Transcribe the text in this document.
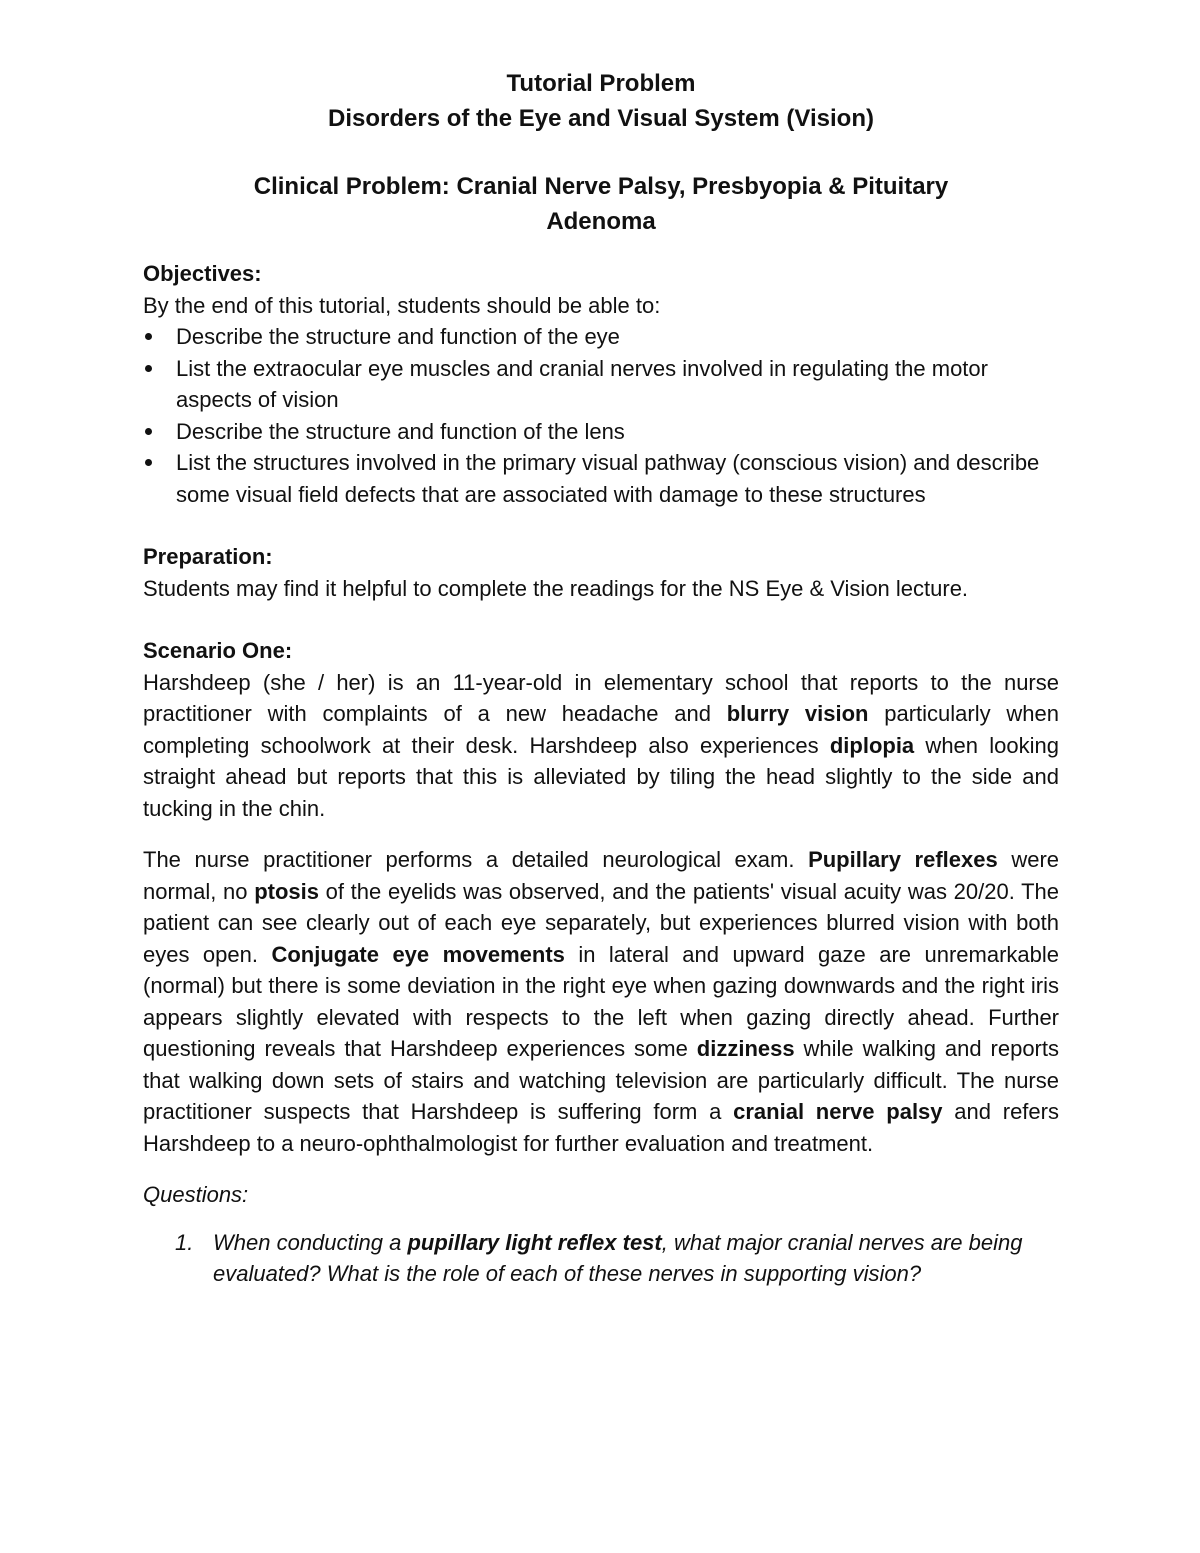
Tutorial Problem
Disorders of the Eye and Visual System (Vision)
Clinical Problem: Cranial Nerve Palsy, Presbyopia & Pituitary
Adenoma

Objectives:

By the end of this tutorial, students should be able to:

Describe the structure and function of the eye
List the extraocular eye muscles and cranial nerves involved in regulating the motor aspects of vision
Describe the structure and function of the lens
List the structures involved in the primary visual pathway (conscious vision) and describe some visual field defects that are associated with damage to these structures

Preparation:

Students may find it helpful to complete the readings for the NS Eye & Vision lecture.

Scenario One:

Harshdeep (she / her) is an 11-year-old in elementary school that reports to the nurse practitioner with complaints of a new headache and blurry vision particularly when completing schoolwork at their desk. Harshdeep also experiences diplopia when looking straight ahead but reports that this is alleviated by tiling the head slightly to the side and tucking in the chin.

The nurse practitioner performs a detailed neurological exam. Pupillary reflexes were normal, no ptosis of the eyelids was observed, and the patients' visual acuity was 20/20. The patient can see clearly out of each eye separately, but experiences blurred vision with both eyes open. Conjugate eye movements in lateral and upward gaze are unremarkable (normal) but there is some deviation in the right eye when gazing downwards and the right iris appears slightly elevated with respects to the left when gazing directly ahead. Further questioning reveals that Harshdeep experiences some dizziness while walking and reports that walking down sets of stairs and watching television are particularly difficult. The nurse practitioner suspects that Harshdeep is suffering form a cranial nerve palsy and refers Harshdeep to a neuro-ophthalmologist for further evaluation and treatment.

Questions:

1. When conducting a pupillary light reflex test, what major cranial nerves are being evaluated? What is the role of each of these nerves in supporting vision?
